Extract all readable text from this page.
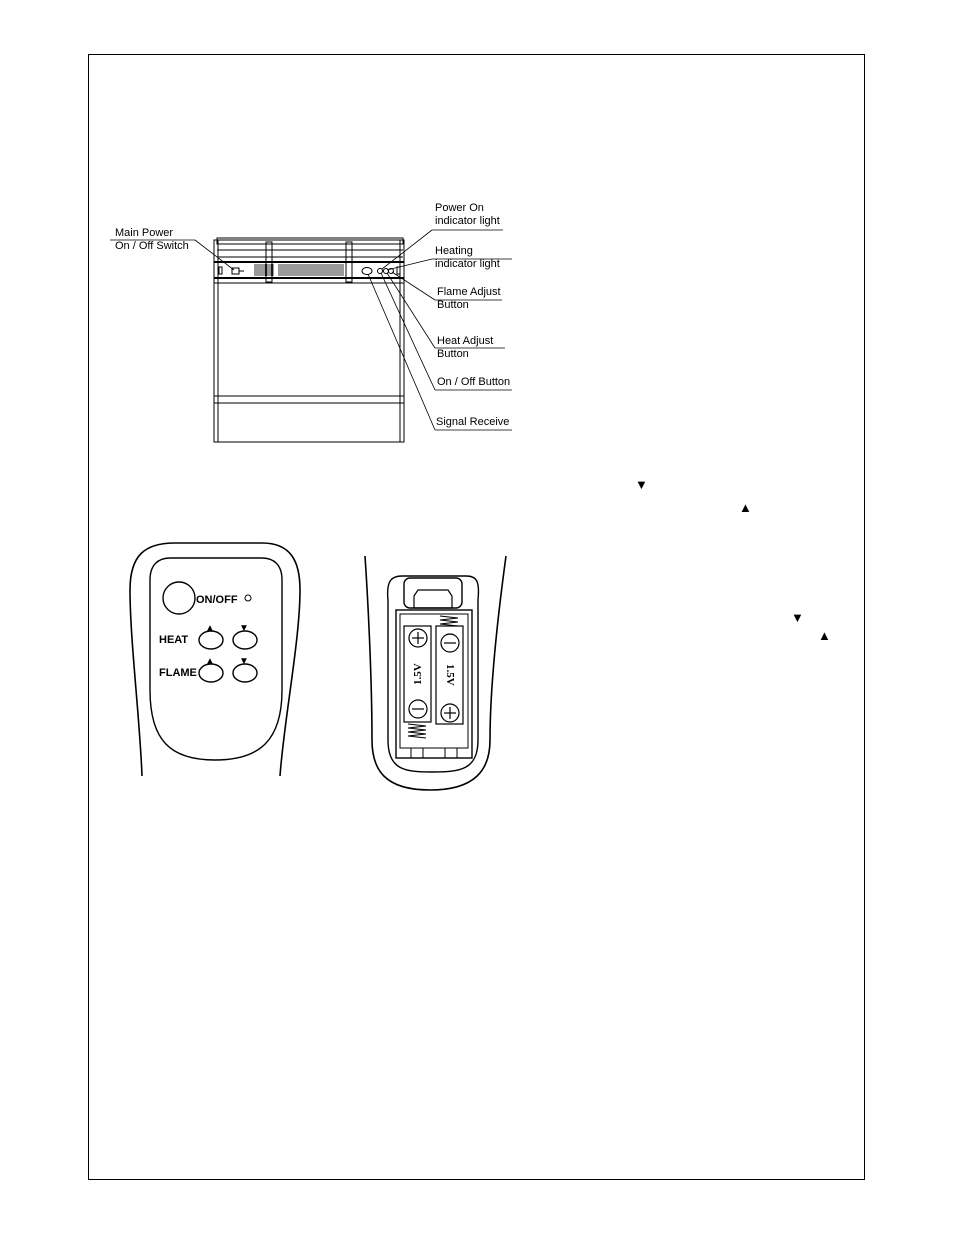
Main Power
On / Off Switch
Power On
indicator light
Heating
indicator light
Flame Adjust
Button
Heat Adjust
Button
On / Off Button
Signal Receive
▼
▲
▼
▲
ON/OFF
HEAT
FLAME
▲ ▼
▲ ▼
1.5V 1.5V
